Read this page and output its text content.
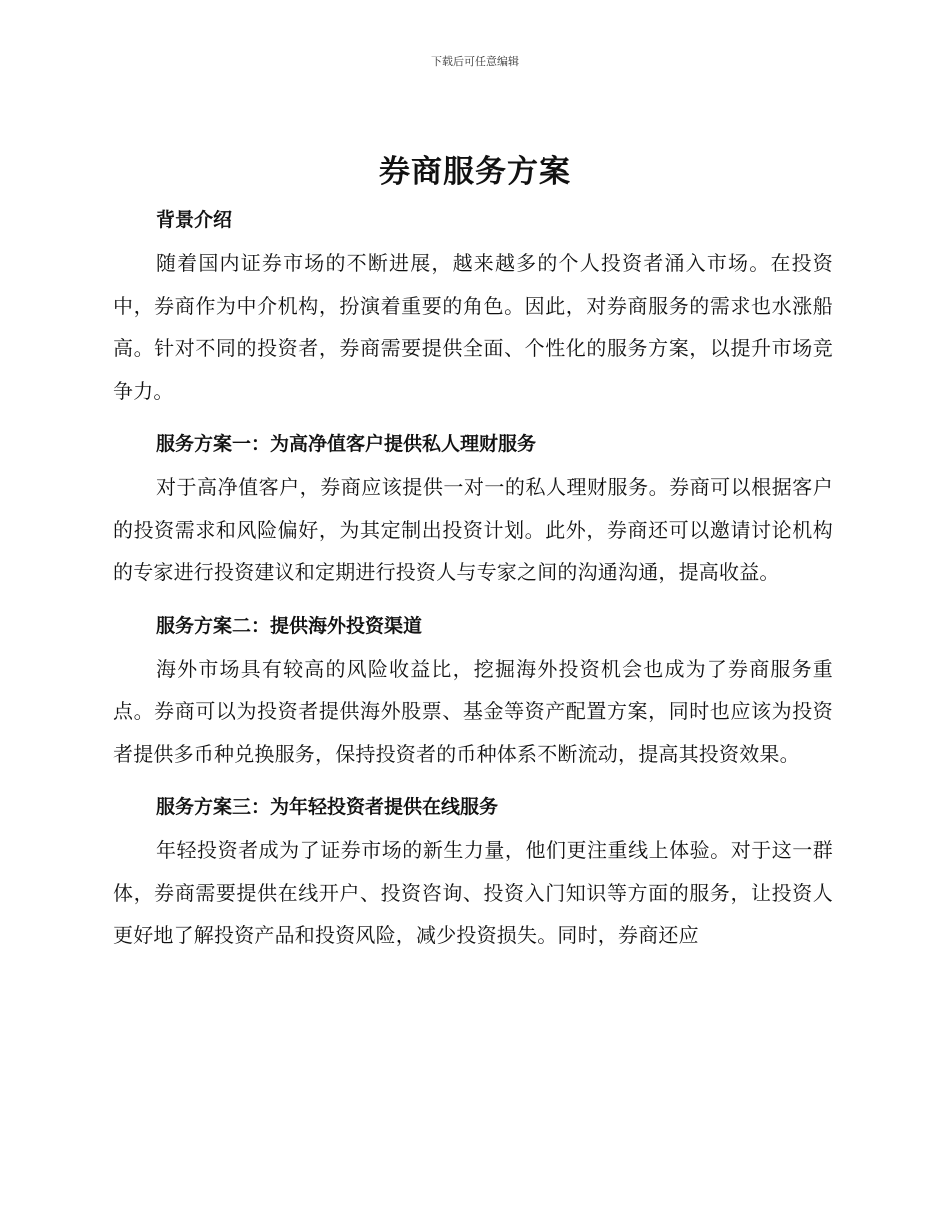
下载后可任意编辑
券商服务方案
背景介绍

随着国内证券市场的不断进展，越来越多的个人投资者涌入市场。在投资中，券商作为中介机构，扮演着重要的角色。因此，对券商服务的需求也水涨船高。针对不同的投资者，券商需要提供全面、个性化的服务方案，以提升市场竞争力。

服务方案一：为高净值客户提供私人理财服务

对于高净值客户，券商应该提供一对一的私人理财服务。券商可以根据客户的投资需求和风险偏好，为其定制出投资计划。此外，券商还可以邀请讨论机构的专家进行投资建议和定期进行投资人与专家之间的沟通沟通，提高收益。

服务方案二：提供海外投资渠道

海外市场具有较高的风险收益比，挖掘海外投资机会也成为了券商服务重点。券商可以为投资者提供海外股票、基金等资产配置方案，同时也应该为投资者提供多币种兑换服务，保持投资者的币种体系不断流动，提高其投资效果。

服务方案三：为年轻投资者提供在线服务

年轻投资者成为了证券市场的新生力量，他们更注重线上体验。对于这一群体，券商需要提供在线开户、投资咨询、投资入门知识等方面的服务，让投资人更好地了解投资产品和投资风险，减少投资损失。同时，券商还应
